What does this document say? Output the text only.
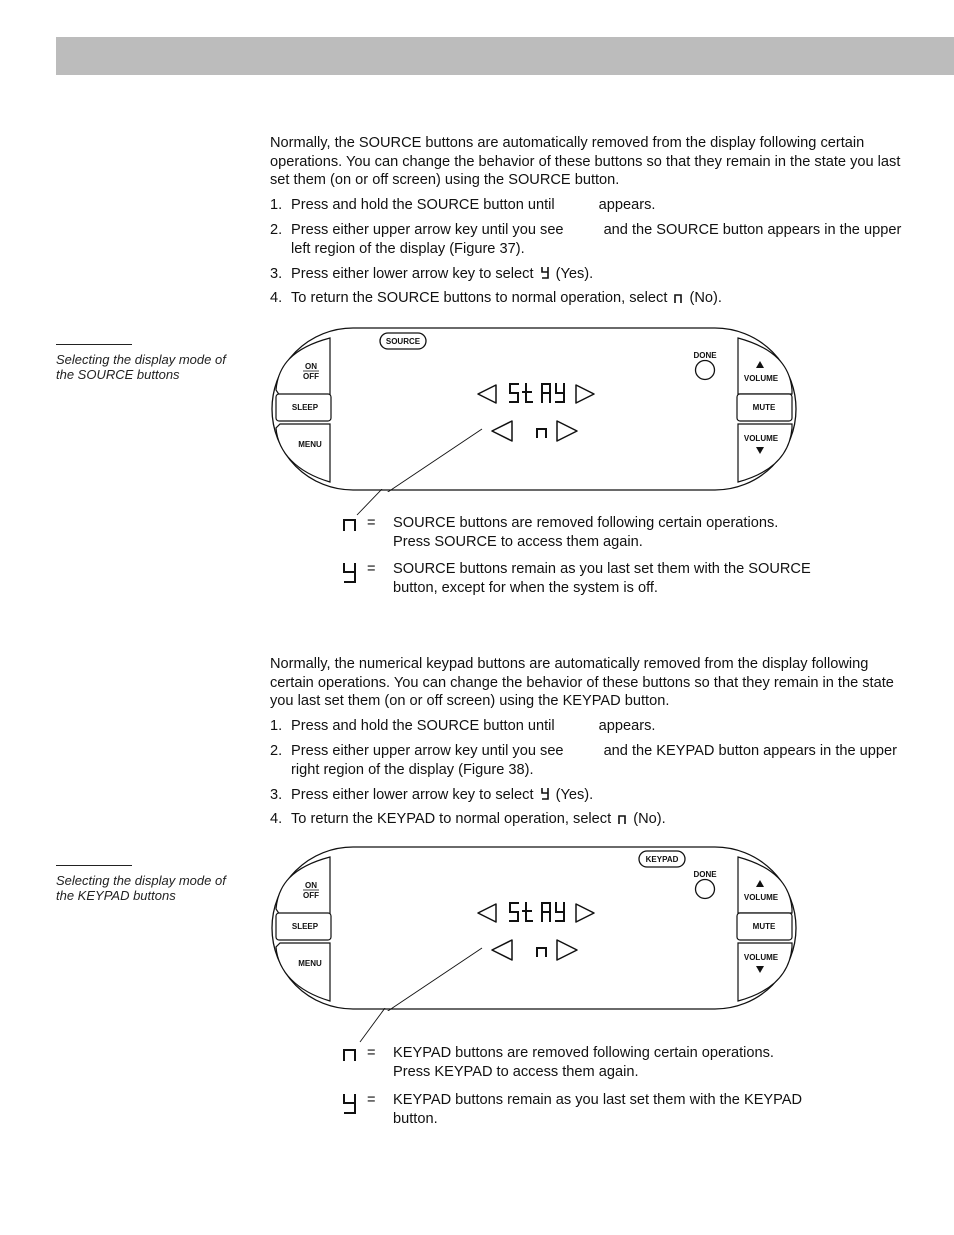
Normally, the SOURCE buttons are automatically removed from the display following certain operations. You can change the behavior of these buttons so that they remain in the state you last set them (on or off screen) using the SOURCE button.

1. Press and hold the SOURCE button until	appears.
2. Press either upper arrow key until you see	and the SOURCE button appears in the upper left region of the display (Figure 37).
3. Press either lower arrow key to select (Yes).
4. To return the SOURCE buttons to normal operation, select (No).
Selecting the display mode of the SOURCE buttons
ON
OFF
SLEEP
MENU
SOURCE
DONE
VOLUME
MUTE
VOLUME
= SOURCE buttons are removed following certain operations. Press SOURCE to access them again.
= SOURCE buttons remain as you last set them with the SOURCE button, except for when the system is off.

Normally, the numerical keypad buttons are automatically removed from the display following certain operations. You can change the behavior of these buttons so that they remain in the state you last set them (on or off screen) using the KEYPAD button.

1. Press and hold the SOURCE button until	appears.
2. Press either upper arrow key until you see	and the KEYPAD button appears in the upper right region of the display (Figure 38).
3. Press either lower arrow key to select (Yes).
4. To return the KEYPAD to normal operation, select (No).
Selecting the display mode of the KEYPAD buttons
ON
OFF
SLEEP
MENU
KEYPAD
DONE
VOLUME
MUTE
VOLUME
= KEYPAD buttons are removed following certain operations. Press KEYPAD to access them again.
= KEYPAD buttons remain as you last set them with the KEYPAD button.
